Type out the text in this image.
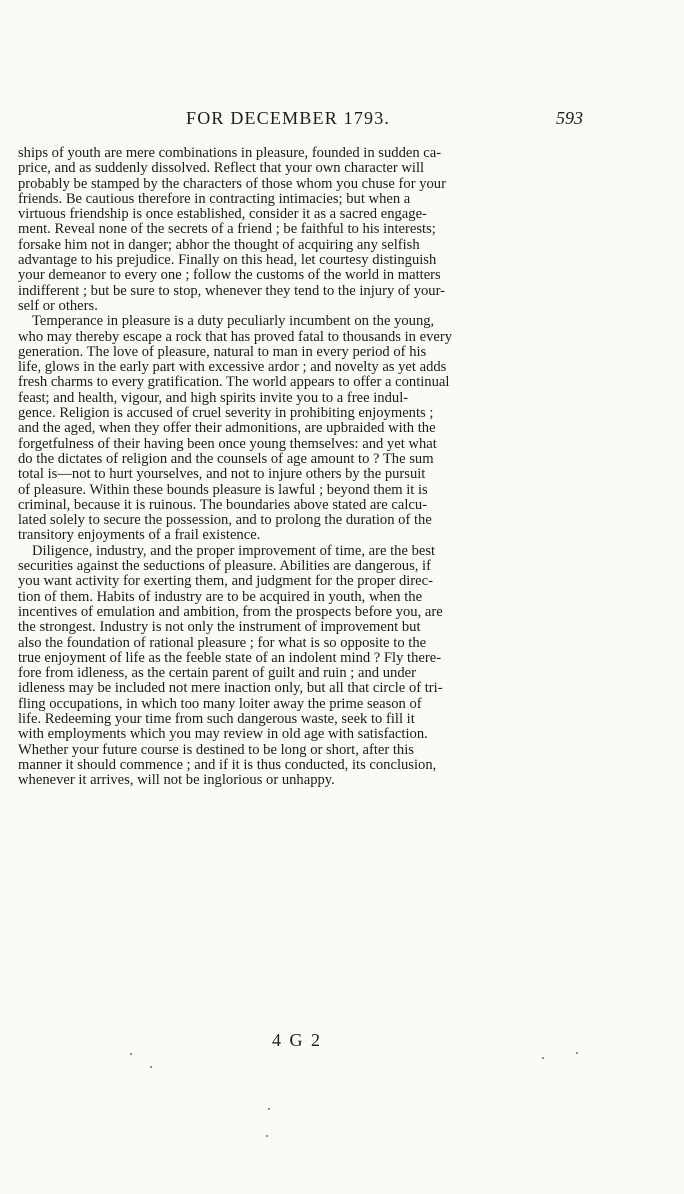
FOR DECEMBER 1793.	593
ships of youth are mere combinations in pleasure, founded in sudden ca-
price, and as suddenly dissolved. Reflect that your own character will
probably be stamped by the characters of those whom you chuse for your
friends. Be cautious therefore in contracting intimacies; but when a
virtuous friendship is once established, consider it as a sacred engage-
ment. Reveal none of the secrets of a friend ; be faithful to his interests;
forsake him not in danger; abhor the thought of acquiring any selfish
advantage to his prejudice. Finally on this head, let courtesy distinguish
your demeanor to every one ; follow the customs of the world in matters
indifferent ; but be sure to stop, whenever they tend to the injury of your-
self or others.
Temperance in pleasure is a duty peculiarly incumbent on the young,
who may thereby escape a rock that has proved fatal to thousands in every
generation. The love of pleasure, natural to man in every period of his
life, glows in the early part with excessive ardor ; and novelty as yet adds
fresh charms to every gratification. The world appears to offer a continual
feast; and health, vigour, and high spirits invite you to a free indul-
gence. Religion is accused of cruel severity in prohibiting enjoyments ;
and the aged, when they offer their admonitions, are upbraided with the
forgetfulness of their having been once young themselves: and yet what
do the dictates of religion and the counsels of age amount to ? The sum
total is—not to hurt yourselves, and not to injure others by the pursuit
of pleasure. Within these bounds pleasure is lawful ; beyond them it is
criminal, because it is ruinous. The boundaries above stated are calcu-
lated solely to secure the possession, and to prolong the duration of the
transitory enjoyments of a frail existence.
Diligence, industry, and the proper improvement of time, are the best
securities against the seductions of pleasure. Abilities are dangerous, if
you want activity for exerting them, and judgment for the proper direc-
tion of them. Habits of industry are to be acquired in youth, when the
incentives of emulation and ambition, from the prospects before you, are
the strongest. Industry is not only the instrument of improvement but
also the foundation of rational pleasure ; for what is so opposite to the
true enjoyment of life as the feeble state of an indolent mind ? Fly there-
fore from idleness, as the certain parent of guilt and ruin ; and under
idleness may be included not mere inaction only, but all that circle of tri-
fling occupations, in which too many loiter away the prime season of
life. Redeeming your time from such dangerous waste, seek to fill it
with employments which you may review in old age with satisfaction.
Whether your future course is destined to be long or short, after this
manner it should commence ; and if it is thus conducted, its conclusion,
whenever it arrives, will not be inglorious or unhappy.
4 G 2
